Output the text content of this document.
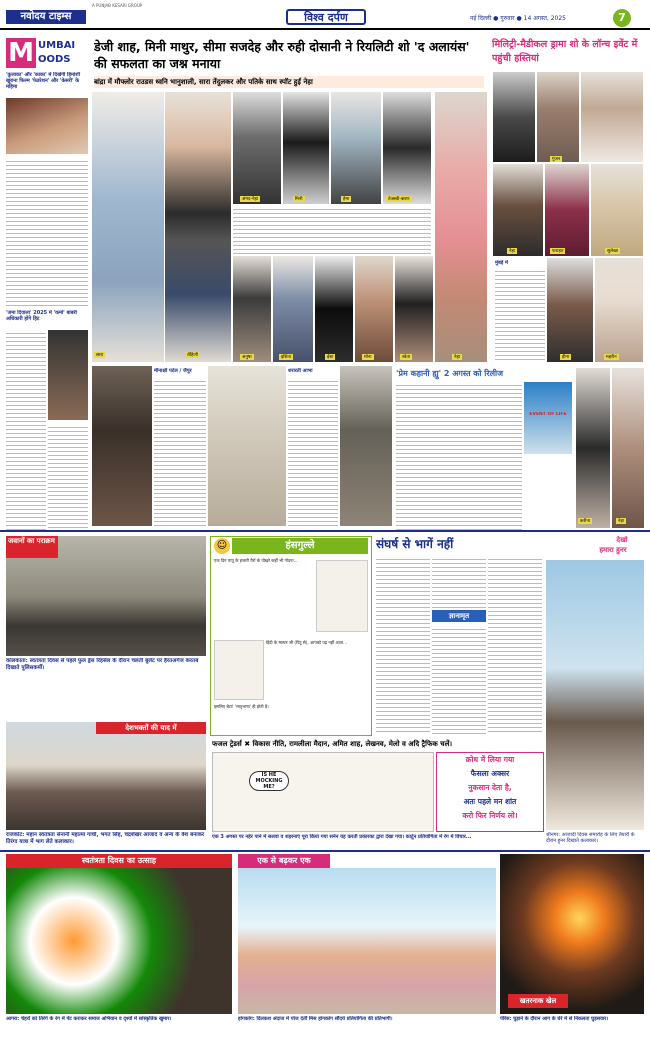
नवोदय टाइम्स
A PUNJAB KESARI GROUP
विश्व दर्पण	नई दिल्ली ● गुरुवार ● 14 अगस्त, 2025	7
M UMBAI
OODS
'कुलाका' और 'काका' में दिखेंगी हिमांशी खुराना फिल्म 'फेडरेशन' और 'केसरी' के महिमा
'जमा दिवाला' 2025 में 'कर्मा' बाबरी अधिकारी होंगे हिट
डेजी शाह, मिनी माथुर, सीमा सजदेह और रुही दोसानी ने रियलिटी शो 'द अलायंस' की सफलता का जश्न मनाया
बांद्रा में मौफ्लोर राउडस ध्वनि भानुशाली, सारा तेंदुलकर और पतिके साथ स्पॉट हुईं नेहा
सारा	रोहिणी
अंगद-नेहा	मिनी	हेमा	तेजस्वी-करण
अनुषा	इशिता	ईशा	मोना	श्वेता	नेहा
मिलिट्री-मैडीकल ड्रामा शो के लॉन्च इवेंट में पहुंची हस्तियां
गुंजन
नेहा	फराहत	सुलेखा
मुंबई में
हीना	महरीन
मीनाक्षी पटेल / जैपुर	शरारती आभा	'प्रेम कहानी ह्यु' 2 अगस्त को रिलीज
EVENT OF LIFE
करीना	नेहा
जवानों का पराक्रम
कोलकाता: स्वतंत्रता दिवस से पहले फुल ड्रेस रिहर्सल के दौरान चलती बुलेट पर हैरतअंगेज करतब दिखाते पुलिसकर्मी।
☺	हंसगुल्ले
एक दिन पप्पू के हजारी पैरों के पोखरे कहीं भी गोदना...
हिंदी के मास्टर जी (पिंटू से), आपको पढ़ नहीं आता...
इसलिए बेटा! 'मातृभाषा' ही होती है।
संघर्ष से भागें नहीं
ज्ञानामृत
देखो
हमारा हुनर
श्रीनगर: आजादी दिवस समारोह के लिए तैयारी के दौरान हुनर दिखाते कलाकार।
देशभक्तों की याद में
राजकोट: महान स्वतंत्रता सेनानी महात्मा गांधी, भगत सिंह, चंद्रशेखर आजाद व अन्य के वेश बनाकर तिरंगा यात्रा में भाग लेते कलाकार।
फजल ट्रेडर्स ✖ विकास नीति, रामलीला मैदान, अमित शाह, लेखनव, मेलो व अदि ट्रैफिक चलें।
IS HE MOCKING ME?
एक 3 अगस्त पर नहेर पाने में सलवा व शहरनाएं पूरा किया गया सनेन यह करती प्रकारका द्वारा देखा गया। कार्टून प्रतियोगिता में रंग में विचार...
क्रोध में लिया गया
फैसला अक्सर
नुकसान देता है,
अतः पहले मन शांत
करो फिर निर्णय लो।
स्वतंत्रता दिवस का उत्साह
आगरा: चेहरों को तिरंगे के रंग में पेंट कराकर समाज अभियान व दृश्यों में सांस्कृतिक खुमार।
एक से बढ़कर एक
हांगकांग: दिलकश अंदाज में पोज देतीं मिस हांगकांग सौंदर्य प्रतियोगिता की प्रतिभागी।
खतरनाक खेल
पेरिस: घुड़ाने के दौरान आग के घेरे में से निकलता घुड़सवार।
